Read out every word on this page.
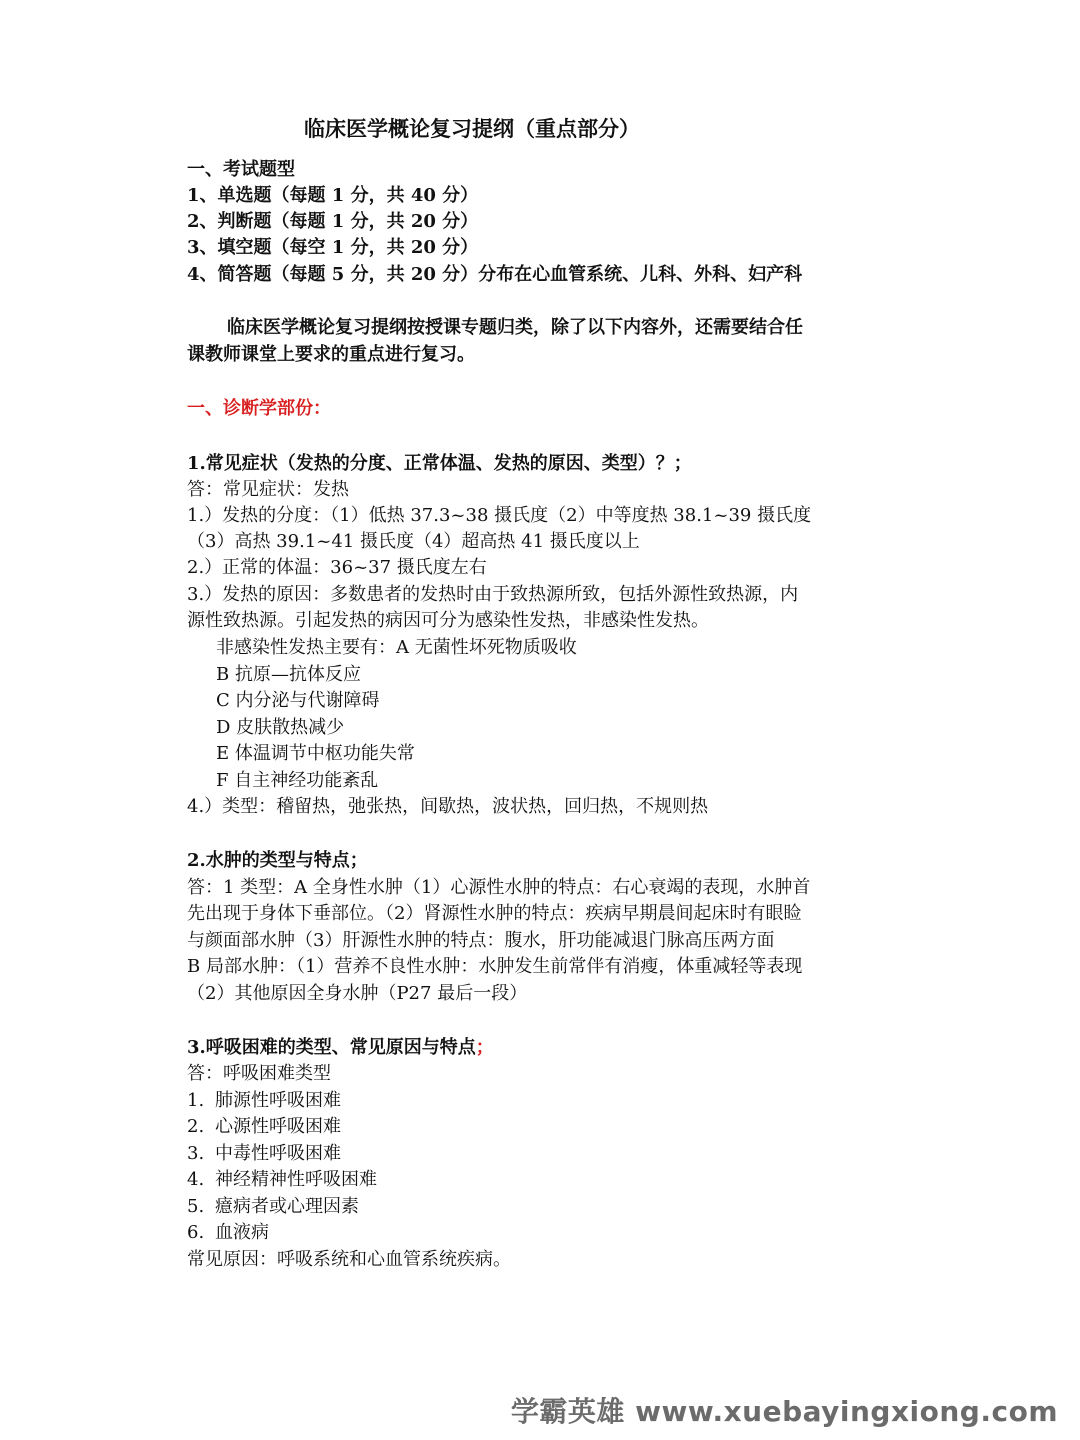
临床医学概论复习提纲（重点部分）

一、考试题型

1、单选题（每题 1 分，共 40 分）

2、判断题（每题 1 分，共 20 分）

3、填空题（每空 1 分，共 20 分）

4、简答题（每题 5 分，共 20 分）分布在心血管系统、儿科、外科、妇产科

临床医学概论复习提纲按授课专题归类，除了以下内容外，还需要结合任

课教师课堂上要求的重点进行复习。

一、诊断学部份：

1.常见症状（发热的分度、正常体温、发热的原因、类型）？；

答：常见症状：发热

1.）发热的分度：（1）低热 37.3~38 摄氏度（2）中等度热 38.1~39 摄氏度

（3）高热 39.1~41 摄氏度（4）超高热 41 摄氏度以上

2.）正常的体温：36~37 摄氏度左右

3.）发热的原因：多数患者的发热时由于致热源所致，包括外源性致热源，内

源性致热源。引起发热的病因可分为感染性发热，非感染性发热。

非感染性发热主要有：A 无菌性坏死物质吸收

B 抗原—抗体反应

C 内分泌与代谢障碍

D 皮肤散热减少

E 体温调节中枢功能失常

F 自主神经功能紊乱

4.）类型：稽留热，弛张热，间歇热，波状热，回归热，不规则热

2.水肿的类型与特点；

答：1 类型：A 全身性水肿（1）心源性水肿的特点：右心衰竭的表现，水肿首

先出现于身体下垂部位。（2）肾源性水肿的特点：疾病早期晨间起床时有眼睑

与颜面部水肿（3）肝源性水肿的特点：腹水，肝功能减退门脉高压两方面

B 局部水肿：（1）营养不良性水肿：水肿发生前常伴有消瘦，体重减轻等表现

（2）其他原因全身水肿（P27 最后一段）

3.呼吸困难的类型、常见原因与特点；

答：呼吸困难类型

1. 肺源性呼吸困难

2. 心源性呼吸困难

3. 中毒性呼吸困难

4. 神经精神性呼吸困难

5. 癔病者或心理因素

6. 血液病

常见原因：呼吸系统和心血管系统疾病。

学霸英雄 www.xuebayingxiong.com
